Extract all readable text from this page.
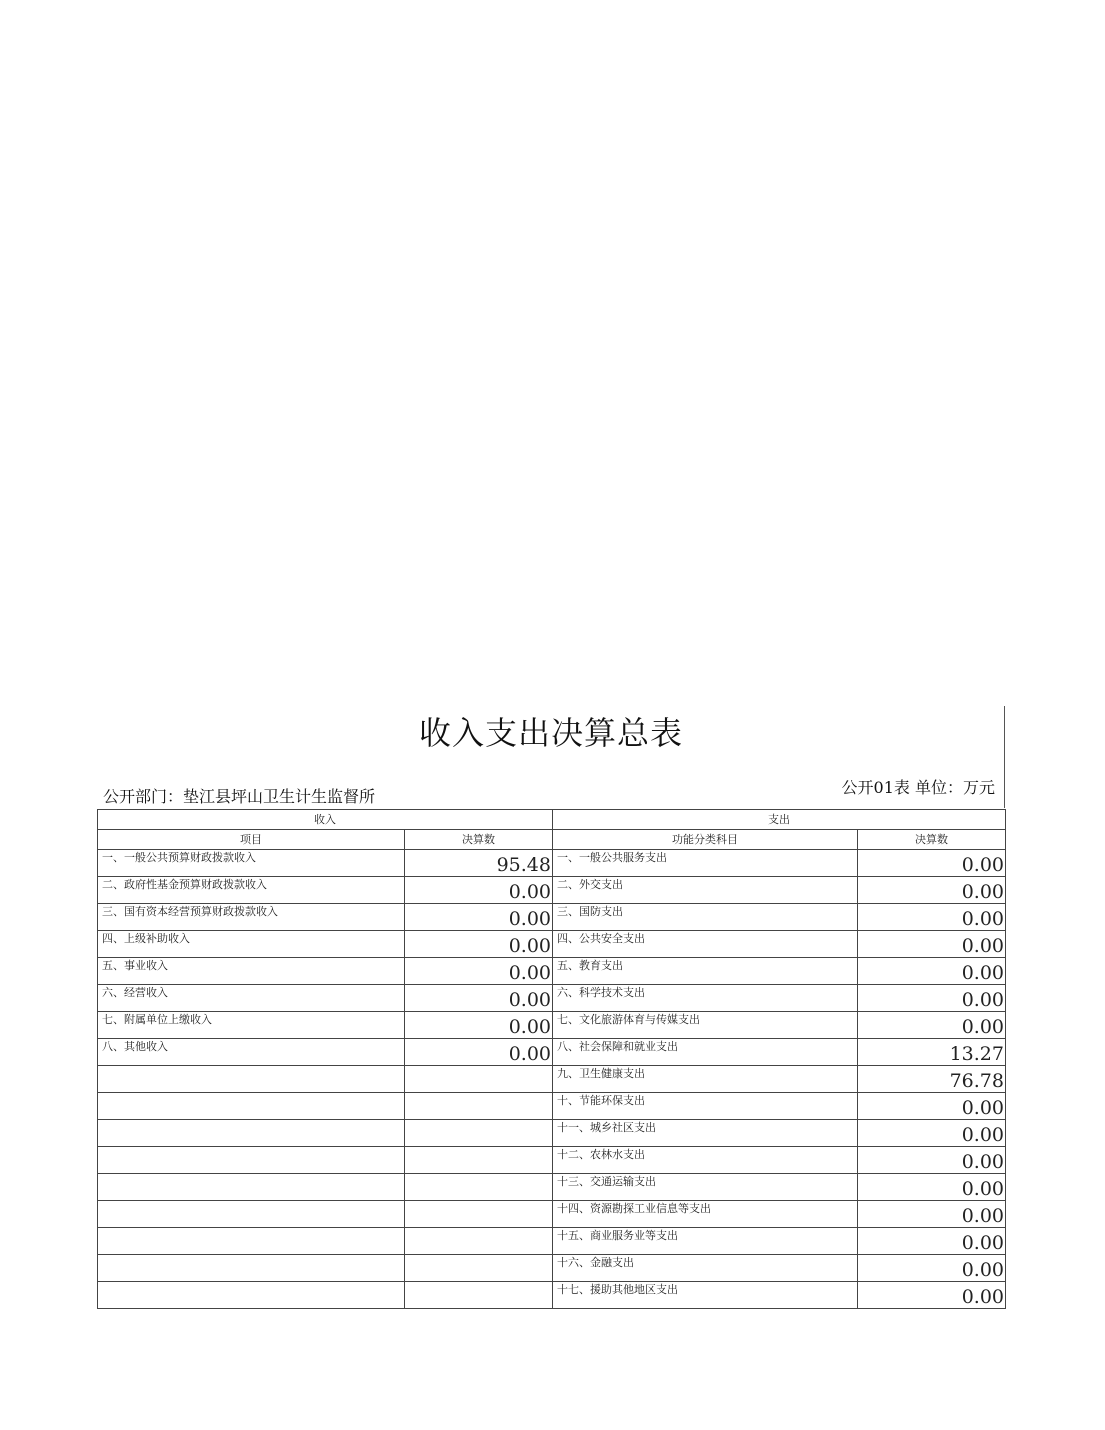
收入支出决算总表
公开部门：垫江县坪山卫生计生监督所	公开01表 单位：万元
收入		支出	
项目	决算数	功能分类科目	决算数
一、一般公共预算财政拨款收入	95.48	一、一般公共服务支出	0.00
二、政府性基金预算财政拨款收入	0.00	二、外交支出	0.00
三、国有资本经营预算财政拨款收入	0.00	三、国防支出	0.00
四、上级补助收入	0.00	四、公共安全支出	0.00
五、事业收入	0.00	五、教育支出	0.00
六、经营收入	0.00	六、科学技术支出	0.00
七、附属单位上缴收入	0.00	七、文化旅游体育与传媒支出	0.00
八、其他收入	0.00	八、社会保障和就业支出	13.27
		九、卫生健康支出	76.78
		十、节能环保支出	0.00
		十一、城乡社区支出	0.00
		十二、农林水支出	0.00
		十三、交通运输支出	0.00
		十四、资源勘探工业信息等支出	0.00
		十五、商业服务业等支出	0.00
		十六、金融支出	0.00
		十七、援助其他地区支出	0.00
